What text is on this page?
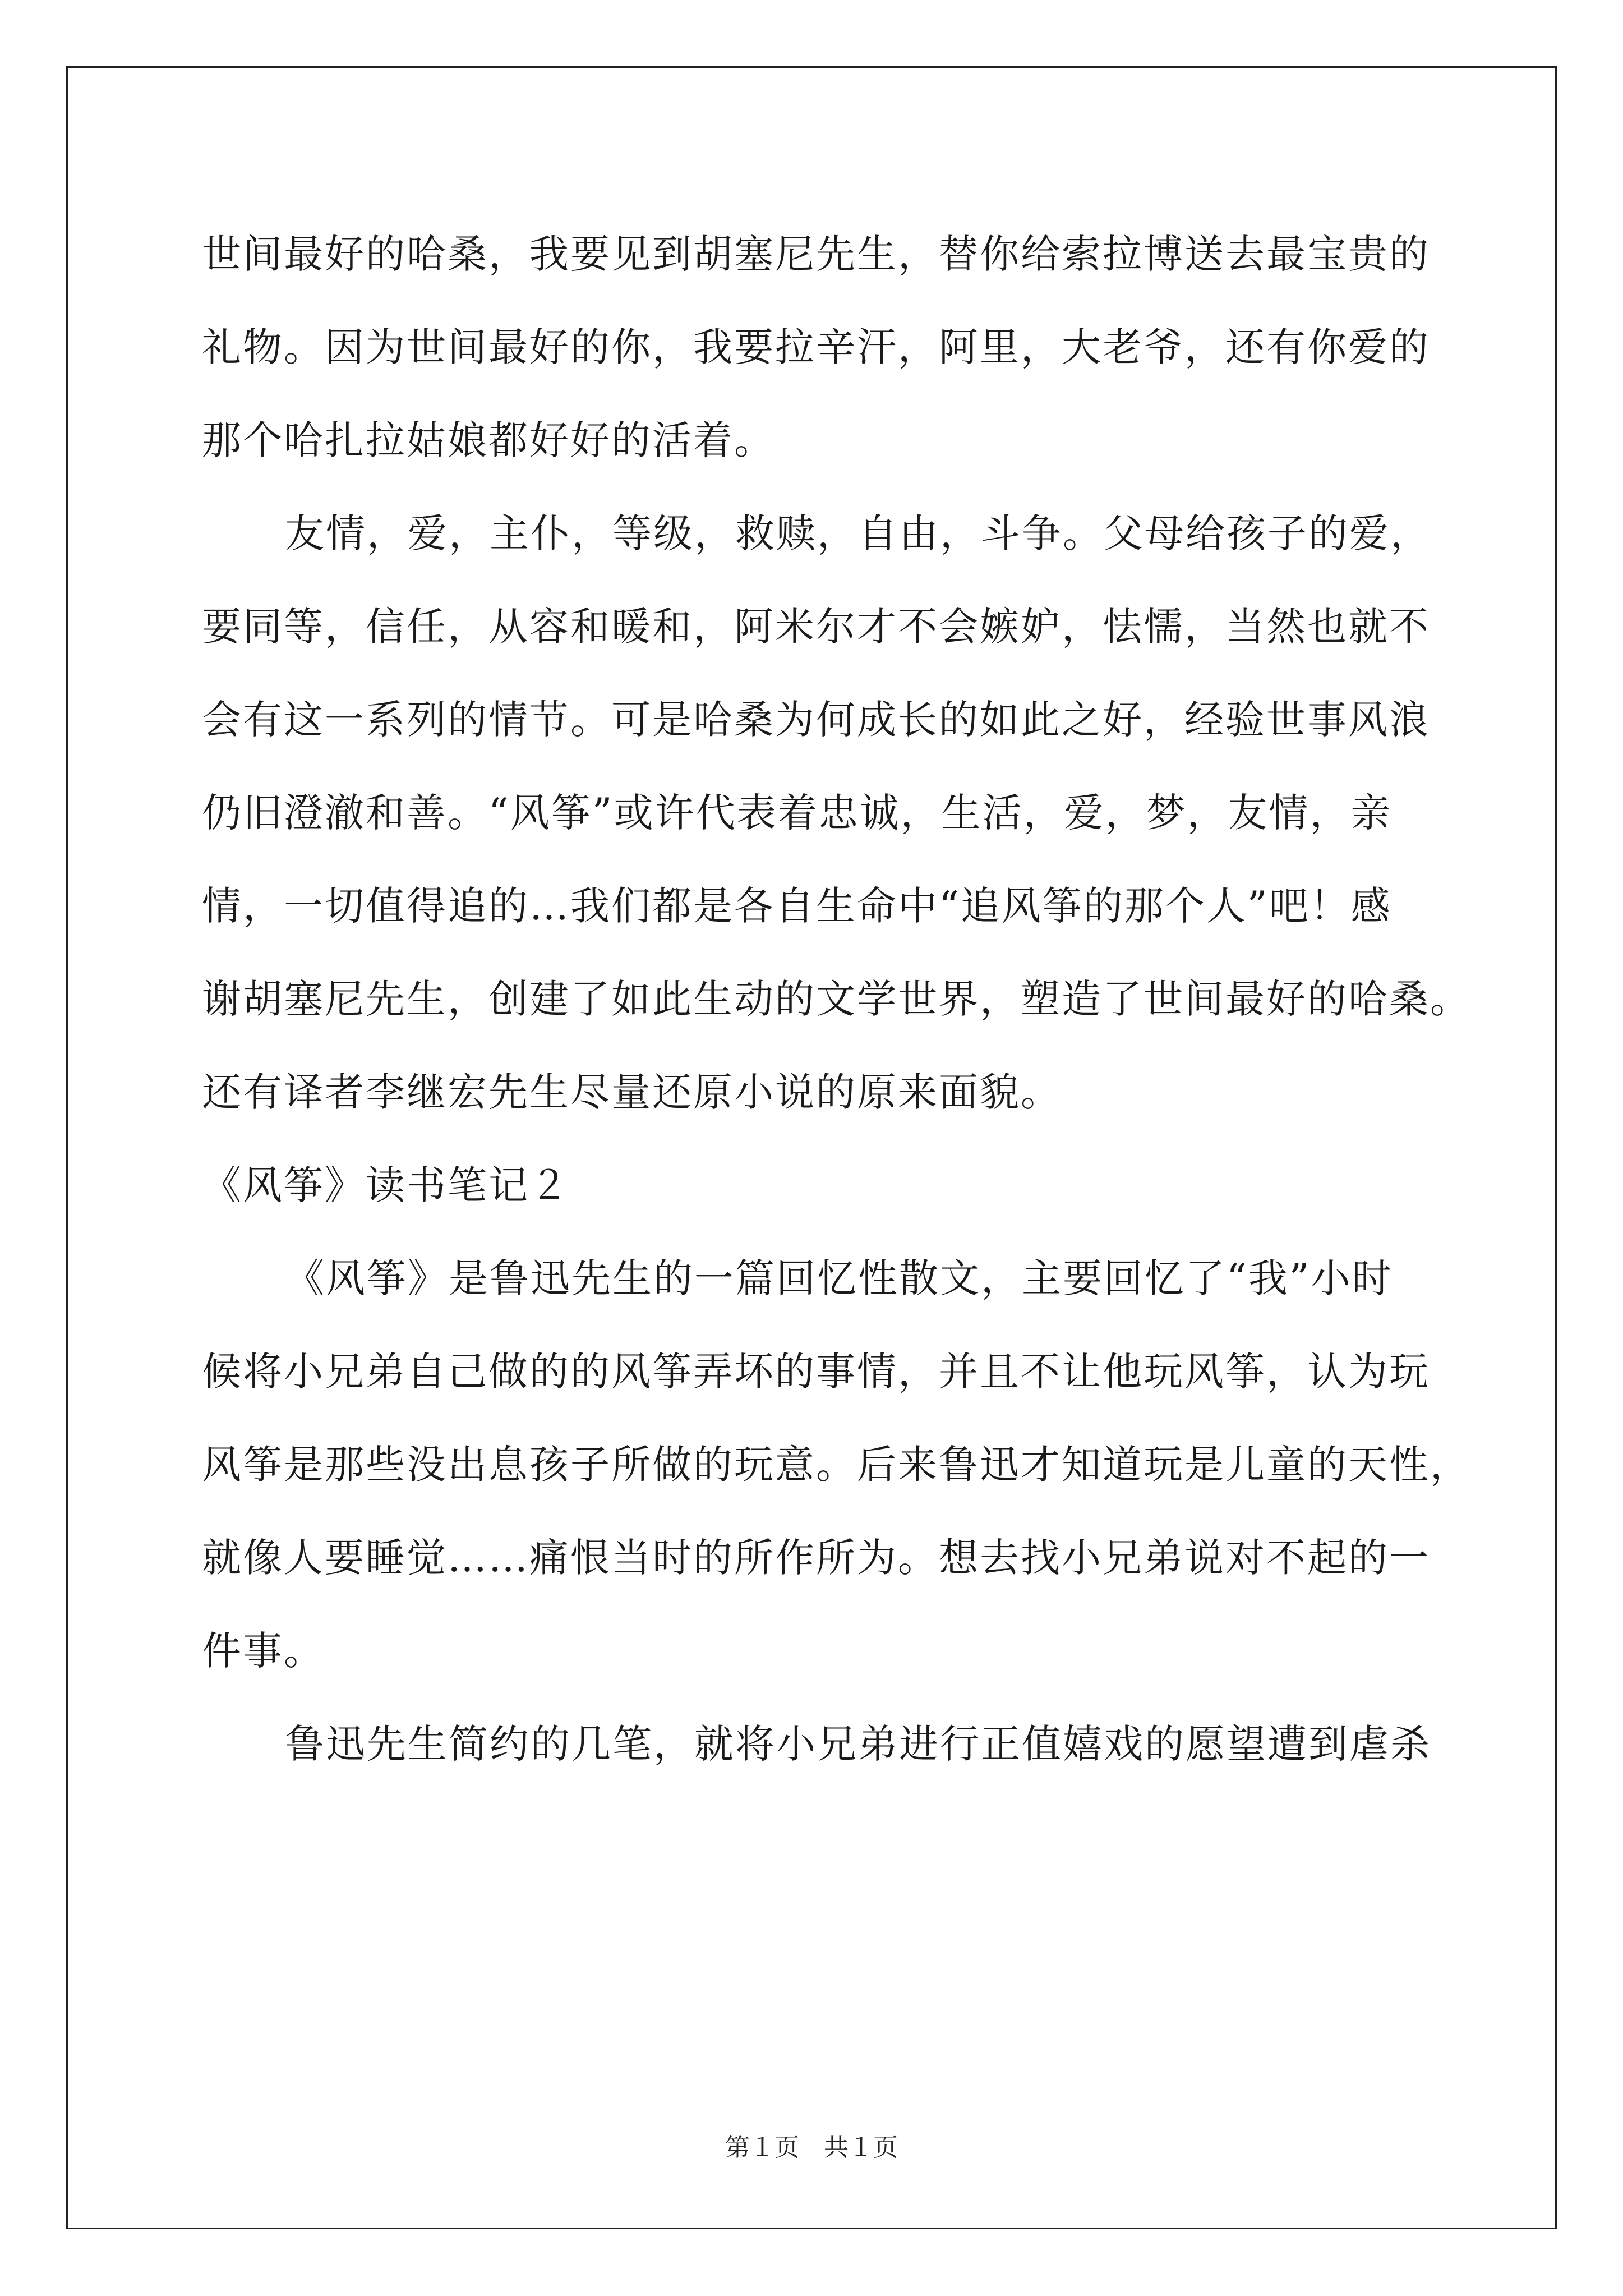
世间最好的哈桑，我要见到胡塞尼先生，替你给索拉博送去最宝贵的
礼物。因为世间最好的你，我要拉辛汗，阿里，大老爷，还有你爱的
那个哈扎拉姑娘都好好的活着。
友情，爱，主仆，等级，救赎，自由，斗争。父母给孩子的爱，
要同等，信任，从容和暖和，阿米尔才不会嫉妒，怯懦，当然也就不
会有这一系列的情节。可是哈桑为何成长的如此之好，经验世事风浪
仍旧澄澈和善。“风筝”或许代表着忠诚，生活，爱，梦，友情，亲
情，一切值得追的…我们都是各自生命中“追风筝的那个人”吧！感
谢胡塞尼先生，创建了如此生动的文学世界，塑造了世间最好的哈桑。
还有译者李继宏先生尽量还原小说的原来面貌。
《风筝》读书笔记２
《风筝》是鲁迅先生的一篇回忆性散文，主要回忆了“我”小时
候将小兄弟自己做的的风筝弄坏的事情，并且不让他玩风筝，认为玩
风筝是那些没出息孩子所做的玩意。后来鲁迅才知道玩是儿童的天性，
就像人要睡觉……痛恨当时的所作所为。想去找小兄弟说对不起的一
件事。
鲁迅先生简约的几笔，就将小兄弟进行正值嬉戏的愿望遭到虐杀
第１页　共１页
